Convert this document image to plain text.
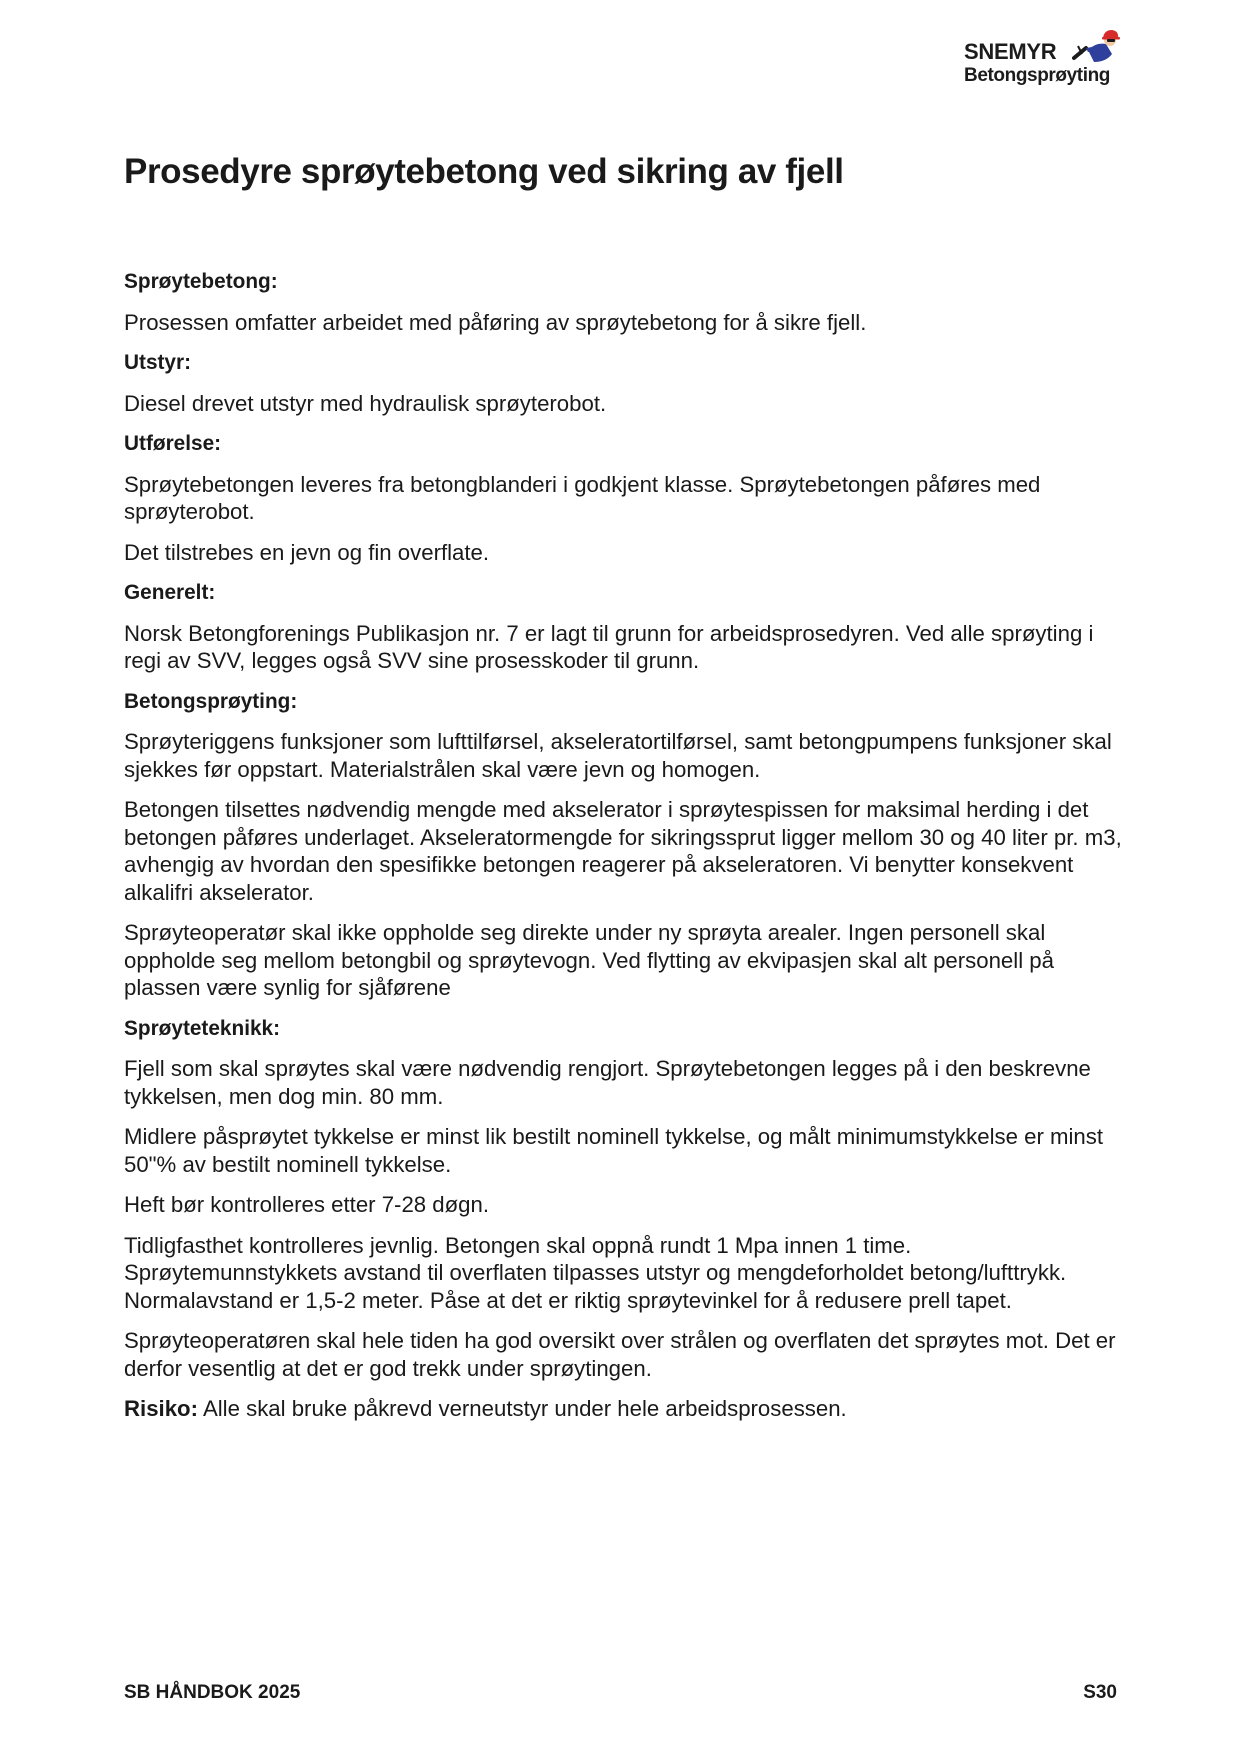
SNEMYR
Betongsprøyting
Prosedyre sprøytebetong ved sikring av fjell
Sprøytebetong:

Prosessen omfatter arbeidet med påføring av sprøytebetong for å sikre fjell.

Utstyr:

Diesel drevet utstyr med hydraulisk sprøyterobot.

Utførelse:

Sprøytebetongen leveres fra betongblanderi i godkjent klasse. Sprøytebetongen påføres med sprøyterobot.

Det tilstrebes en jevn og fin overflate.

Generelt:

Norsk Betongforenings Publikasjon nr. 7 er lagt til grunn for arbeidsprosedyren. Ved alle sprøyting i regi av SVV, legges også SVV sine prosesskoder til grunn.

Betongsprøyting:

Sprøyteriggens funksjoner som lufttilførsel, akseleratortilførsel, samt betongpumpens funksjoner skal sjekkes før oppstart. Materialstrålen skal være jevn og homogen.

Betongen tilsettes nødvendig mengde med akselerator i sprøytespissen for maksimal herding i det betongen påføres underlaget. Akseleratormengde for sikringssprut ligger mellom 30 og 40 liter pr. m3, avhengig av hvordan den spesifikke betongen reagerer på akseleratoren. Vi benytter konsekvent alkalifri akselerator.

Sprøyteoperatør skal ikke oppholde seg direkte under ny sprøyta arealer. Ingen personell skal oppholde seg mellom betongbil og sprøytevogn. Ved flytting av ekvipasjen skal alt personell på plassen være synlig for sjåførene

Sprøyteteknikk:

Fjell som skal sprøytes skal være nødvendig rengjort. Sprøytebetongen legges på i den beskrevne tykkelsen, men dog min. 80 mm.

Midlere påsprøytet tykkelse er minst lik bestilt nominell tykkelse, og målt minimumstykkelse er minst 50"% av bestilt nominell tykkelse.

Heft bør kontrolleres etter 7-28 døgn.

Tidligfasthet kontrolleres jevnlig. Betongen skal oppnå rundt 1 Mpa innen 1 time. Sprøytemunnstykkets avstand til overflaten tilpasses utstyr og mengdeforholdet betong/lufttrykk. Normalavstand er 1,5-2 meter. Påse at det er riktig sprøytevinkel for å redusere prell tapet.

Sprøyteoperatøren skal hele tiden ha god oversikt over strålen og overflaten det sprøytes mot. Det er derfor vesentlig at det er god trekk under sprøytingen.

Risiko: Alle skal bruke påkrevd verneutstyr under hele arbeidsprosessen.

SB HÅNDBOK 2025	S30
